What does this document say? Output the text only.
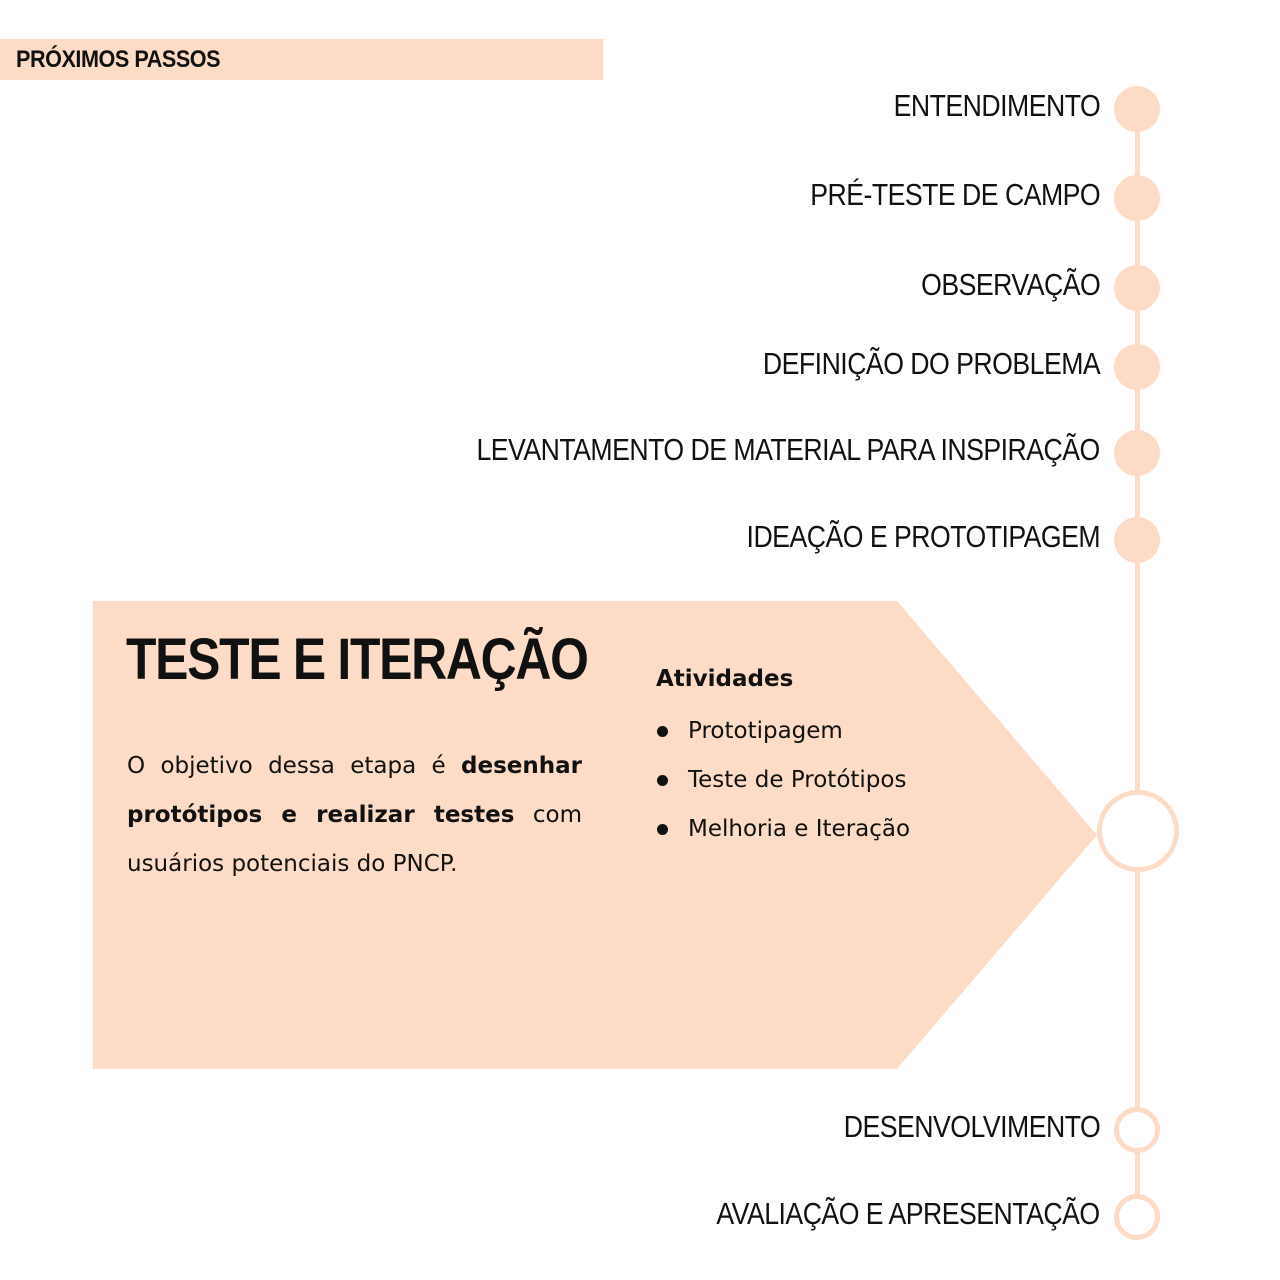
PRÓXIMOS PASSOS
ENTENDIMENTO
PRÉ-TESTE DE CAMPO
OBSERVAÇÃO
DEFINIÇÃO DO PROBLEMA
LEVANTAMENTO DE MATERIAL PARA INSPIRAÇÃO
IDEAÇÃO E PROTOTIPAGEM
TESTE E ITERAÇÃO

O objetivo dessa etapa é desenhar protótipos e realizar testes com usuários potenciais do PNCP.

Atividades
Prototipagem
Teste de Protótipos
Melhoria e Iteração
DESENVOLVIMENTO
AVALIAÇÃO E APRESENTAÇÃO
